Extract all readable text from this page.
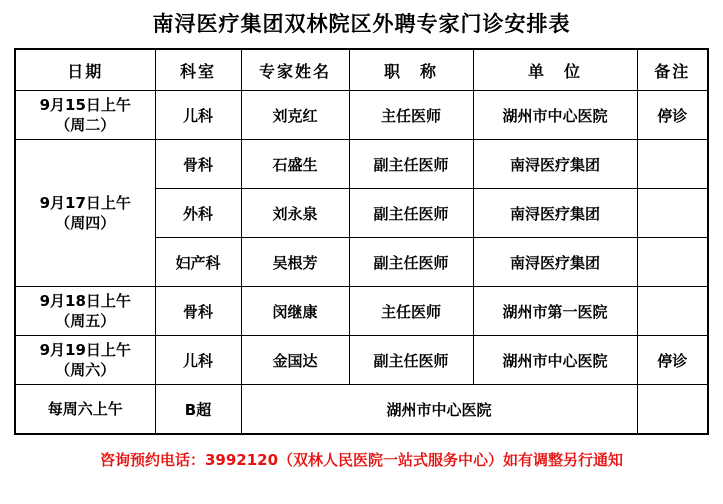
南浔医疗集团双林院区外聘专家门诊安排表
日期	科室	专家姓名	职　称	单　位	备注
9月15日上午
（周二）	儿科	刘克红	主任医师	湖州市中心医院	停诊
9月17日上午
（周四）	骨科	石盛生	副主任医师	南浔医疗集团	
	外科	刘永泉	副主任医师	南浔医疗集团	
	妇产科	吴根芳	副主任医师	南浔医疗集团	
9月18日上午
（周五）	骨科	闵继康	主任医师	湖州市第一医院	
9月19日上午
（周六）	儿科	金国达	副主任医师	湖州市中心医院	停诊
每周六上午	B超	湖州市中心医院			
咨询预约电话：3992120（双林人民医院一站式服务中心）如有调整另行通知
